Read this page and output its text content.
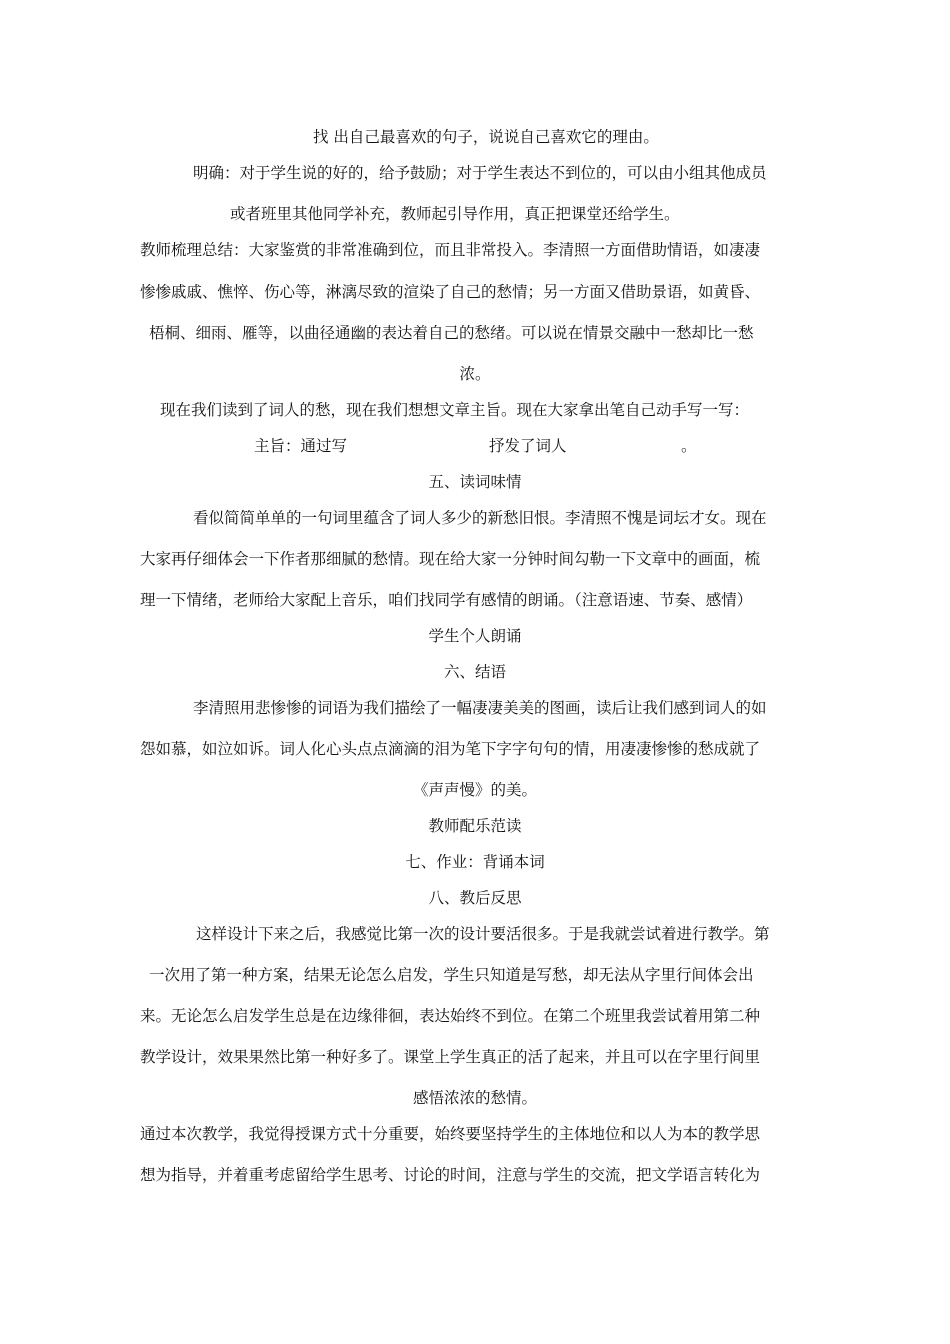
找 出自己最喜欢的句子，说说自己喜欢它的理由。
明确：对于学生说的好的，给予鼓励；对于学生表达不到位的，可以由小组其他成员
或者班里其他同学补充，教师起引导作用，真正把课堂还给学生。
教师梳理总结：大家鉴赏的非常准确到位，而且非常投入。李清照一方面借助情语，如凄凄
惨惨戚戚、憔悴、伤心等，淋漓尽致的渲染了自己的愁情；另一方面又借助景语，如黄昏、
梧桐、细雨、雁等，以曲径通幽的表达着自己的愁绪。可以说在情景交融中一愁却比一愁
浓。
现在我们读到了词人的愁，现在我们想想文章主旨。现在大家拿出笔自己动手写一写：
主旨：通过写	抒发了词人	。
五、读词味情
看似简简单单的一句词里蕴含了词人多少的新愁旧恨。李清照不愧是词坛才女。现在
大家再仔细体会一下作者那细腻的愁情。现在给大家一分钟时间勾勒一下文章中的画面，梳
理一下情绪，老师给大家配上音乐，咱们找同学有感情的朗诵。（注意语速、节奏、感情）
学生个人朗诵
六、结语
李清照用悲惨惨的词语为我们描绘了一幅凄凄美美的图画，读后让我们感到词人的如
怨如慕，如泣如诉。词人化心头点点滴滴的泪为笔下字字句句的情，用凄凄惨惨的愁成就了
《声声慢》的美。
教师配乐范读
七、作业：背诵本词
八、教后反思
这样设计下来之后，我感觉比第一次的设计要活很多。于是我就尝试着进行教学。第
一次用了第一种方案，结果无论怎么启发，学生只知道是写愁，却无法从字里行间体会出
来。无论怎么启发学生总是在边缘徘徊，表达始终不到位。在第二个班里我尝试着用第二种
教学设计，效果果然比第一种好多了。课堂上学生真正的活了起来，并且可以在字里行间里
感悟浓浓的愁情。
通过本次教学，我觉得授课方式十分重要，始终要坚持学生的主体地位和以人为本的教学思
想为指导，并着重考虑留给学生思考、讨论的时间，注意与学生的交流，把文学语言转化为
